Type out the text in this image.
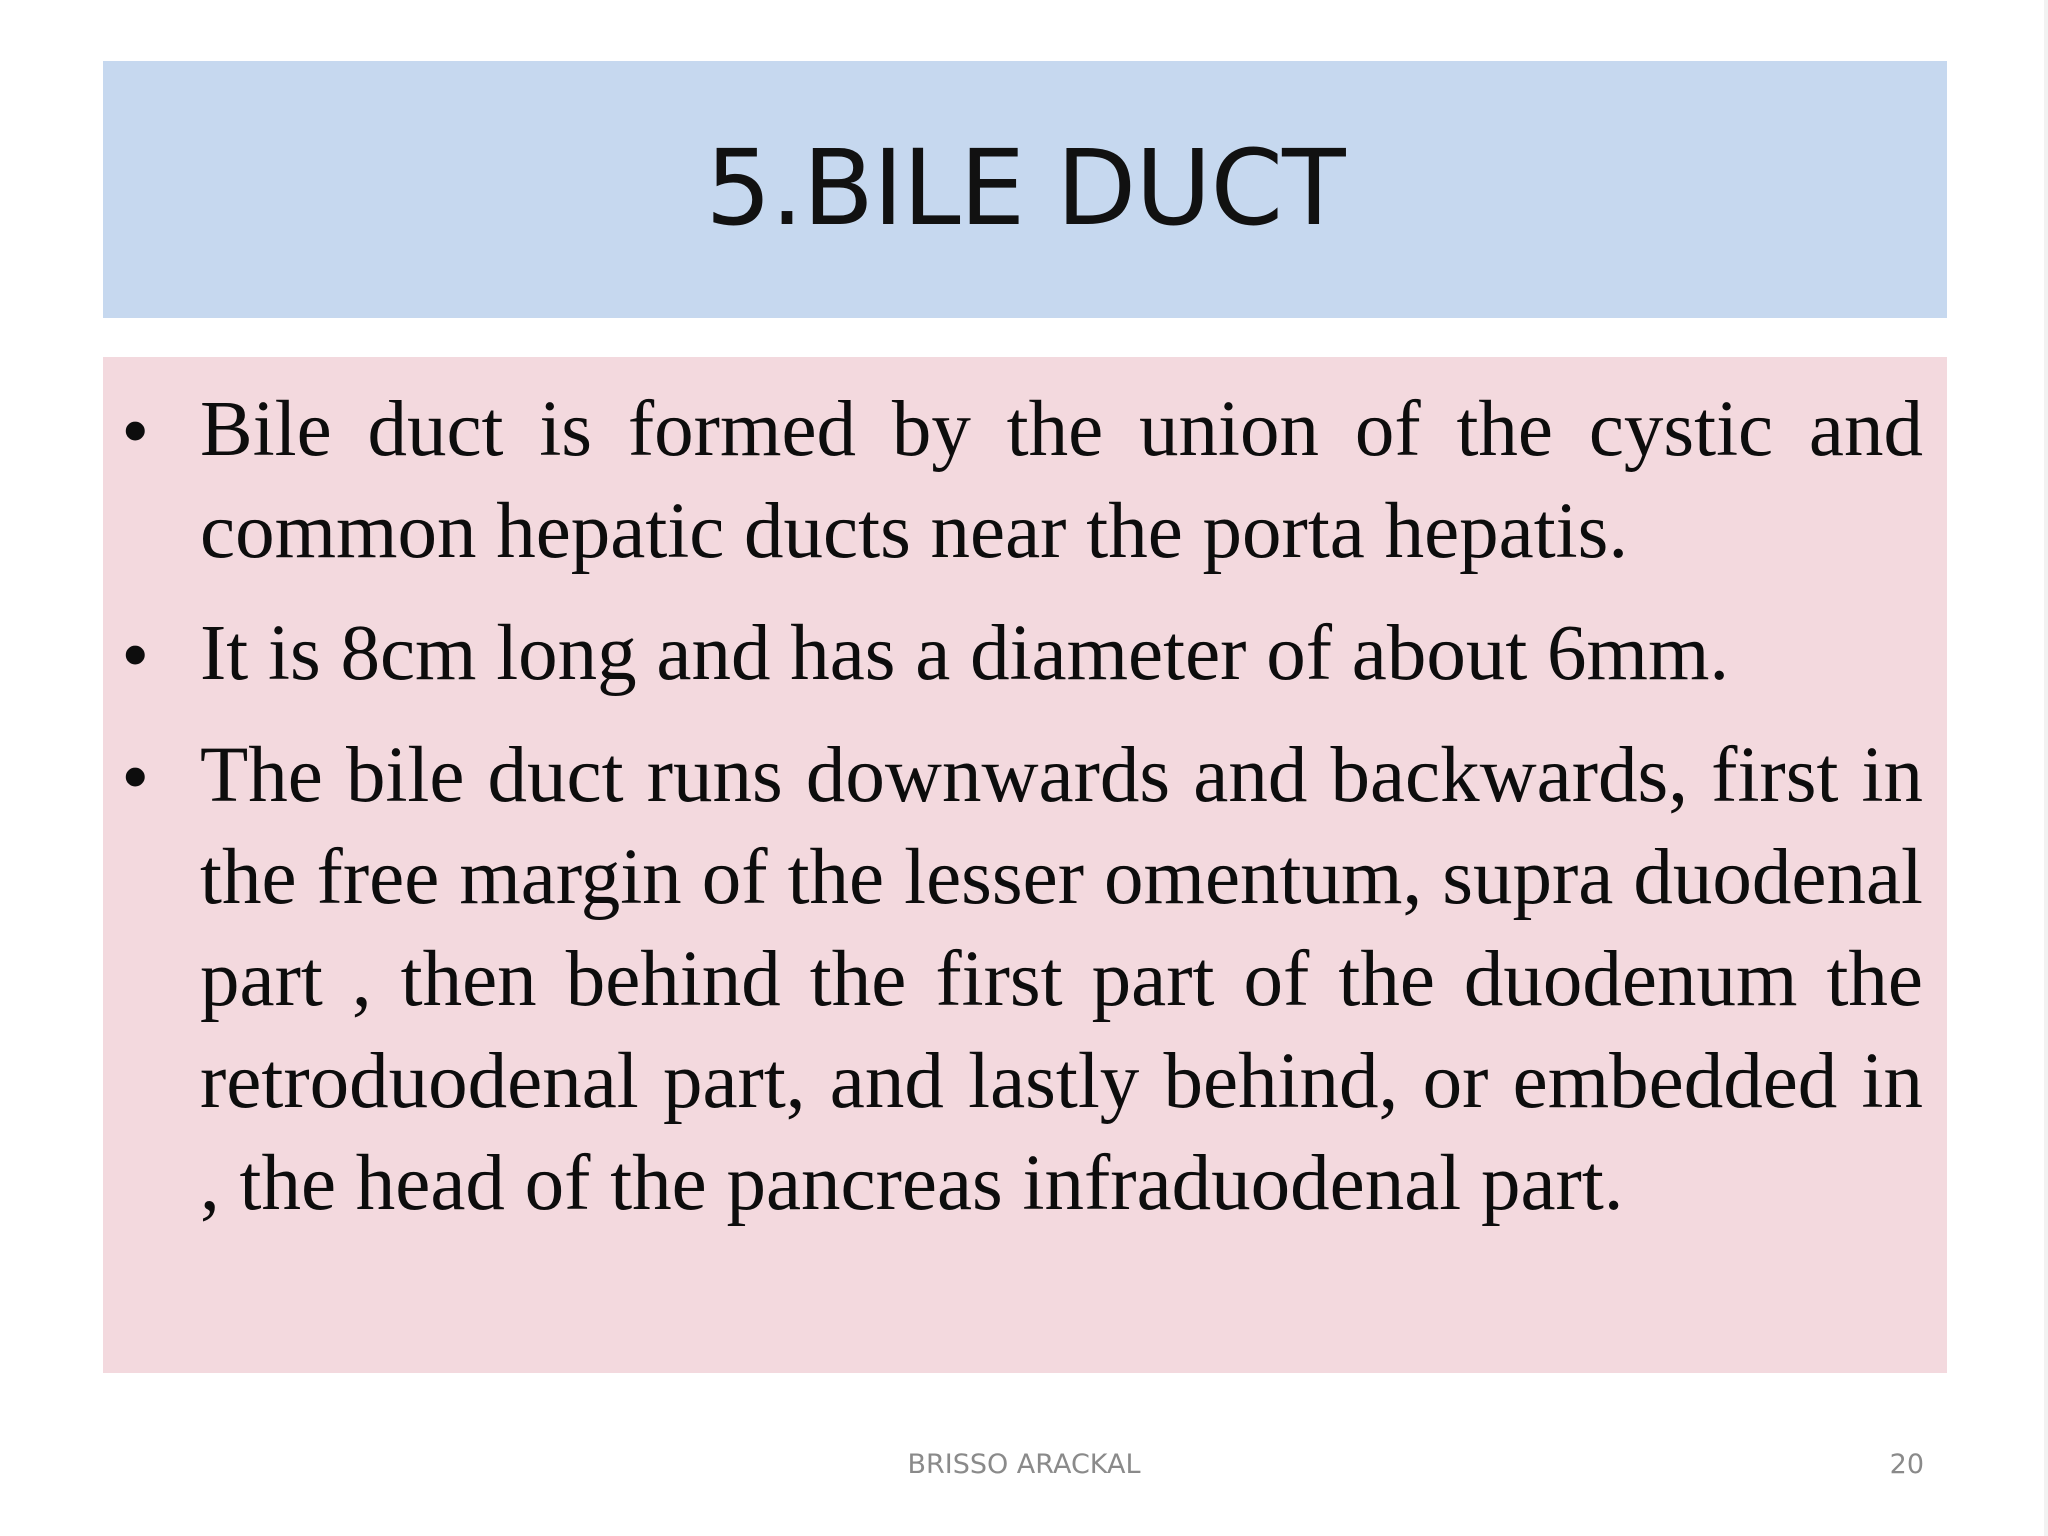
5.BILE DUCT
• Bile duct is formed by the union of the cystic and common hepatic ducts near the porta hepatis.
• It is 8cm long and has a diameter of about 6mm.
• The bile duct runs downwards and backwards, first in the free margin of the lesser omentum, supra duodenal part , then behind the first part of the duodenum the retroduodenal part, and lastly behind, or embedded in , the head of the pancreas infraduodenal part.
BRISSO ARACKAL	20
